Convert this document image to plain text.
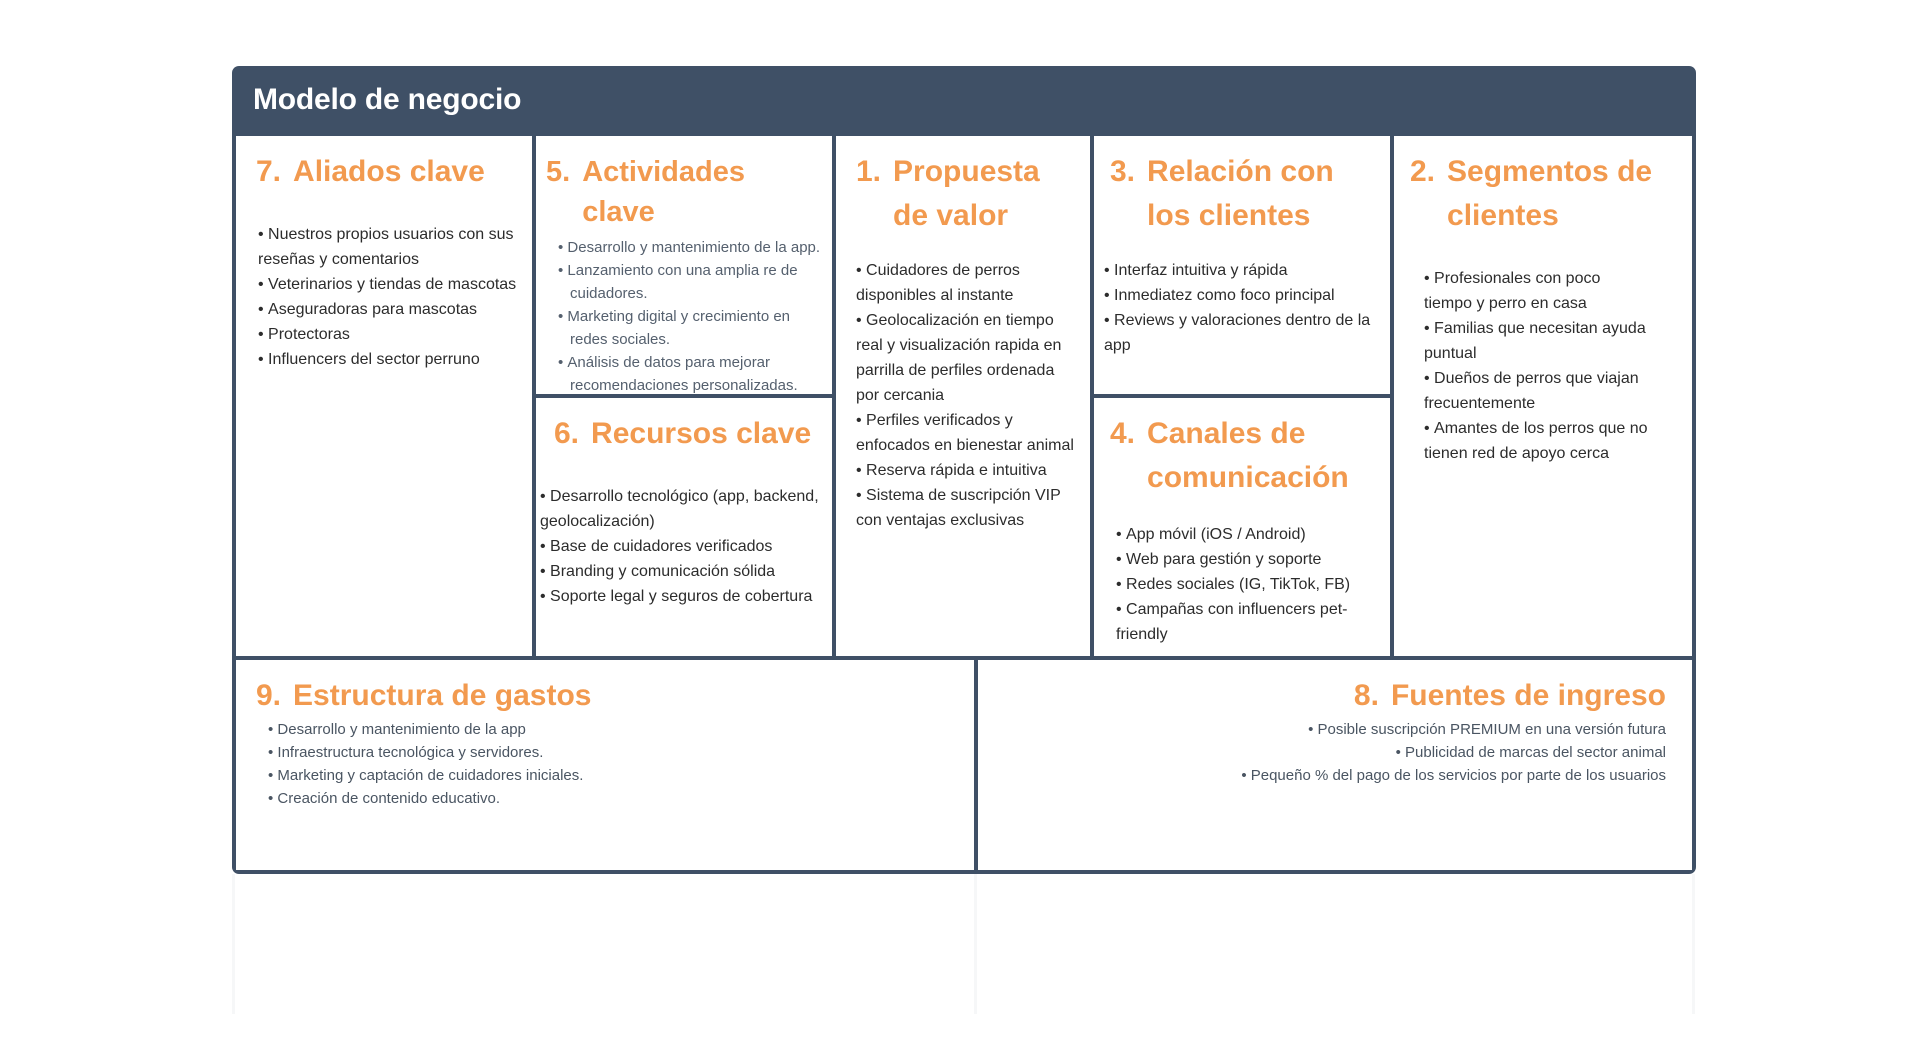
Modelo de negocio
7. Aliados clave
• Nuestros propios usuarios con sus reseñas y comentarios
• Veterinarios y tiendas de mascotas
• Aseguradoras para mascotas
• Protectoras
• Influencers del sector perruno
5. Actividades clave
• Desarrollo y mantenimiento de la app.
• Lanzamiento con una amplia re de cuidadores.
• Marketing digital y crecimiento en redes sociales.
• Análisis de datos para mejorar recomendaciones personalizadas.
6. Recursos clave
• Desarrollo tecnológico (app, backend, geolocalización)
• Base de cuidadores verificados
• Branding y comunicación sólida
• Soporte legal y seguros de cobertura
1. Propuesta de valor
• Cuidadores de perros disponibles al instante
• Geolocalización en tiempo real y visualización rapida en parrilla de perfiles ordenada por cercania
• Perfiles verificados y enfocados en bienestar animal
• Reserva rápida e intuitiva
• Sistema de suscripción VIP con ventajas exclusivas
3. Relación con los clientes
• Interfaz intuitiva y rápida
• Inmediatez como foco principal
• Reviews y valoraciones dentro de la app
4. Canales de comunicación
• App móvil (iOS / Android)
• Web para gestión y soporte
• Redes sociales (IG, TikTok, FB)
• Campañas con influencers pet-friendly
2. Segmentos de clientes
• Profesionales con poco tiempo y perro en casa
• Familias que necesitan ayuda puntual
• Dueños de perros que viajan frecuentemente
• Amantes de los perros que no tienen red de apoyo cerca
9. Estructura de gastos
• Desarrollo y mantenimiento de la app
• Infraestructura tecnológica y servidores.
• Marketing y captación de cuidadores iniciales.
• Creación de contenido educativo.
8. Fuentes de ingreso
• Posible suscripción PREMIUM en una versión futura
• Publicidad de marcas del sector animal
• Pequeño % del pago de los servicios por parte de los usuarios
